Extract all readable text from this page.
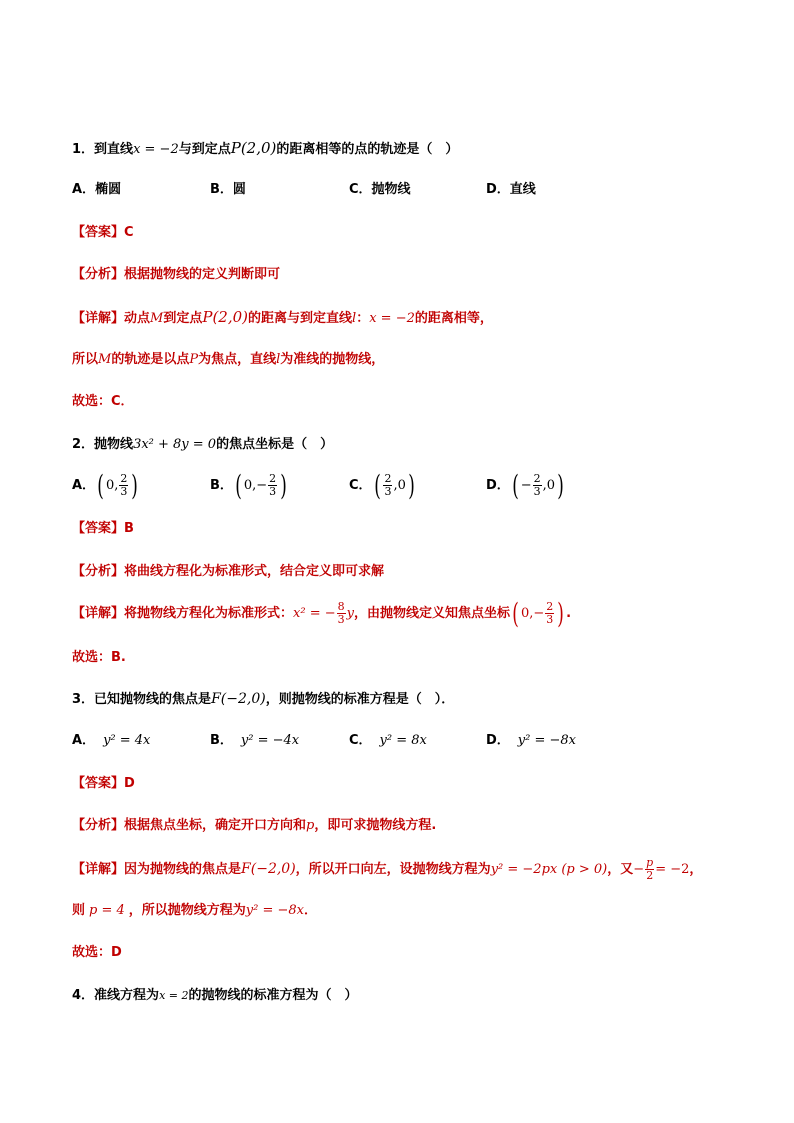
1．到直线x = −2与到定点P(2,0)的距离相等的点的轨迹是（　）
A．椭圆	B．圆	C．抛物线	D．直线
【答案】C
【分析】根据抛物线的定义判断即可
【详解】动点M到定点P(2,0)的距离与到定直线l：x = −2的距离相等，
所以M的轨迹是以点P为焦点，直线l为准线的抛物线，
故选：C．
2．抛物线3x² + 8y = 0的焦点坐标是（　）
A．( 0, $\frac{2}{3}$ )	B．( $0,- \frac{2}{3}$ )	C．( $\frac{2}{3} ,0$)	D．( − $\frac{2}{3} ,0$)
【答案】B
【分析】将曲线方程化为标准形式，结合定义即可求解
【详解】将抛物线方程化为标准形式：x² = − $\frac{8}{3}$ y，由抛物线定义知焦点坐标( $0,- \frac{2}{3}$ ) .
故选：B.
3．已知抛物线的焦点是F(−2,0)，则抛物线的标准方程是（　）．
A． y² = 4x	B． y² = −4x	C． y² = 8x	D． y² = −8x
【答案】D
【分析】根据焦点坐标，确定开口方向和p，即可求抛物线方程.
【详解】因为抛物线的焦点是F(−2,0)，所以开口向左，设抛物线方程为y² = −2px (p > 0)，又− $\frac{p}{2} = -2$，
则 p = 4 ，所以抛物线方程为y² = −8x．
故选：D
4．准线方程为x = 2的抛物线的标准方程为（　）
